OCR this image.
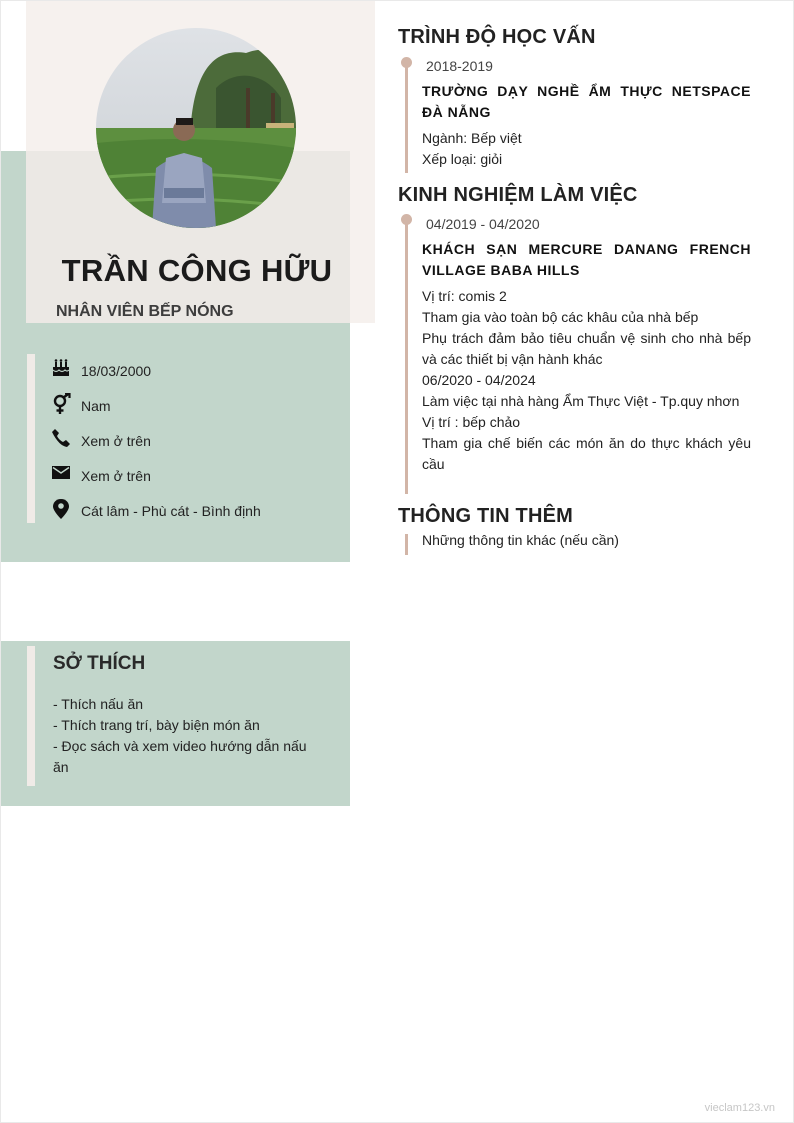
TRẦN CÔNG HỮU
NHÂN VIÊN BẾP NÓNG
18/03/2000
Nam
Xem ở trên
Xem ở trên
Cát lâm - Phù cát - Bình định
SỞ THÍCH
- Thích nấu ăn
- Thích trang trí, bày biện món ăn
- Đọc sách và xem video hướng dẫn nấu ăn
TRÌNH ĐỘ HỌC VẤN
2018-2019
TRƯỜNG DẠY NGHỀ ẨM THỰC NETSPACE ĐÀ NẴNG
Ngành: Bếp việt
Xếp loại: giỏi
KINH NGHIỆM LÀM VIỆC
04/2019 - 04/2020
KHÁCH SẠN MERCURE DANANG FRENCH VILLAGE BABA HILLS
Vị trí: comis 2
Tham gia vào toàn bộ các khâu của nhà bếp
Phụ trách đảm bảo tiêu chuẩn vệ sinh cho nhà bếp và các thiết bị vận hành khác
06/2020 - 04/2024
Làm việc tại nhà hàng Ẩm Thực Việt - Tp.quy nhơn
Vị trí : bếp chảo
Tham gia chế biến các món ăn do thực khách yêu cầu
THÔNG TIN THÊM
Những thông tin khác (nếu cần)
vieclam123.vn
